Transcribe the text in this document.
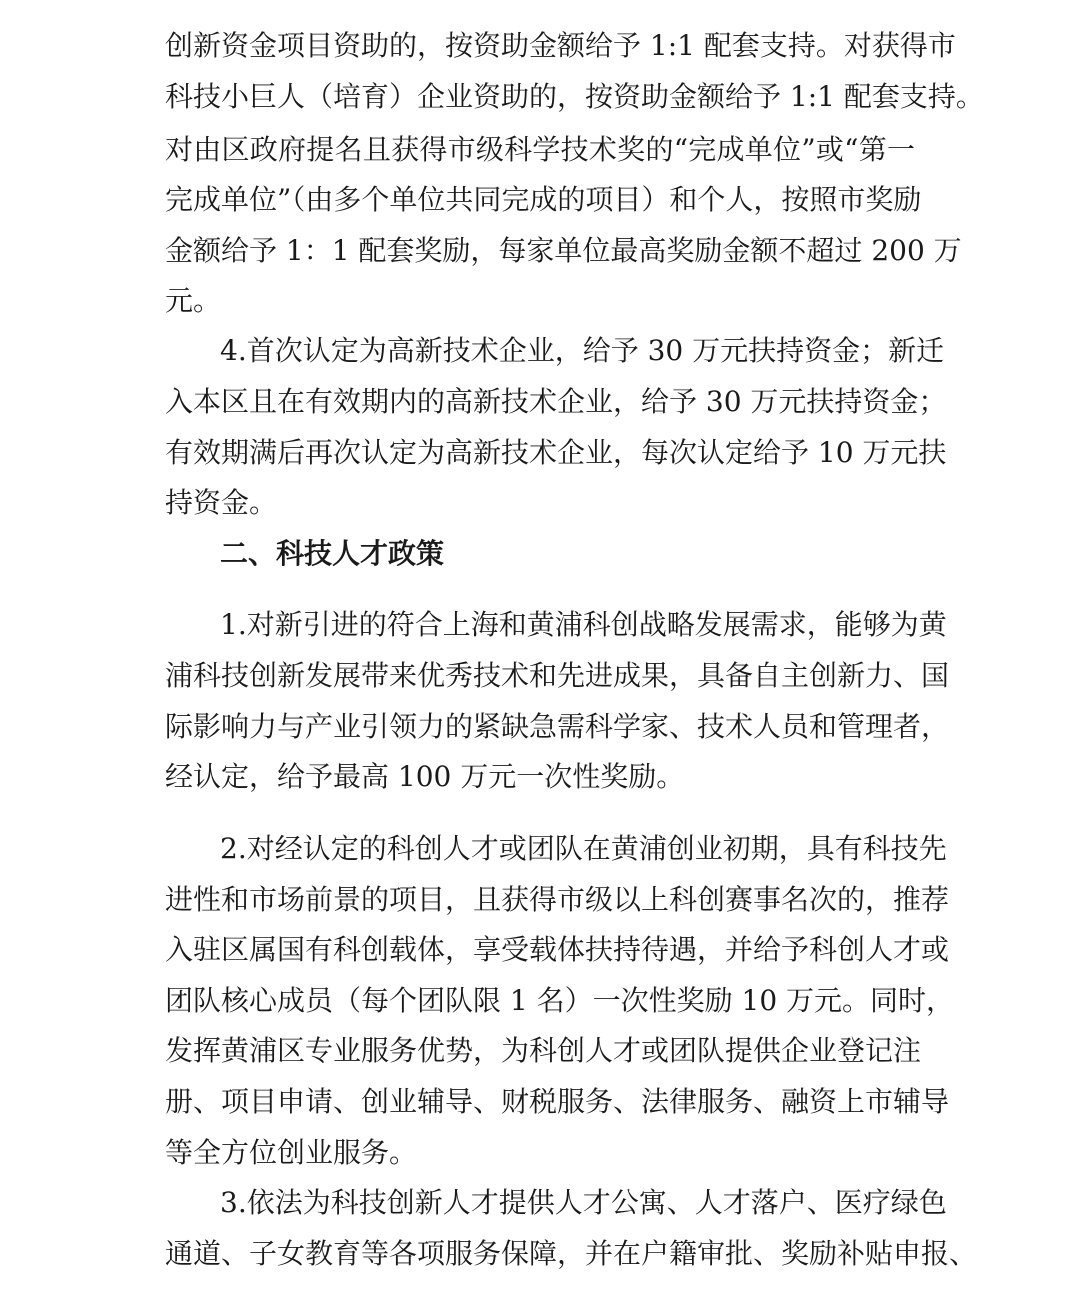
创新资金项目资助的，按资助金额给予 1:1 配套支持。对获得市
科技小巨人（培育）企业资助的，按资助金额给予 1:1 配套支持。
对由区政府提名且获得市级科学技术奖的“完成单位”或“第一
完成单位”（由多个单位共同完成的项目）和个人，按照市奖励
金额给予 1：1 配套奖励，每家单位最高奖励金额不超过 200 万
元。
4.首次认定为高新技术企业，给予 30 万元扶持资金；新迁
入本区且在有效期内的高新技术企业，给予 30 万元扶持资金；
有效期满后再次认定为高新技术企业，每次认定给予 10 万元扶
持资金。
二、科技人才政策
1.对新引进的符合上海和黄浦科创战略发展需求，能够为黄
浦科技创新发展带来优秀技术和先进成果，具备自主创新力、国
际影响力与产业引领力的紧缺急需科学家、技术人员和管理者，
经认定，给予最高 100 万元一次性奖励。
2.对经认定的科创人才或团队在黄浦创业初期，具有科技先
进性和市场前景的项目，且获得市级以上科创赛事名次的，推荐
入驻区属国有科创载体，享受载体扶持待遇，并给予科创人才或
团队核心成员（每个团队限 1 名）一次性奖励 10 万元。同时，
发挥黄浦区专业服务优势，为科创人才或团队提供企业登记注
册、项目申请、创业辅导、财税服务、法律服务、融资上市辅导
等全方位创业服务。
3.依法为科技创新人才提供人才公寓、人才落户、医疗绿色
通道、子女教育等各项服务保障，并在户籍审批、奖励补贴申报、
